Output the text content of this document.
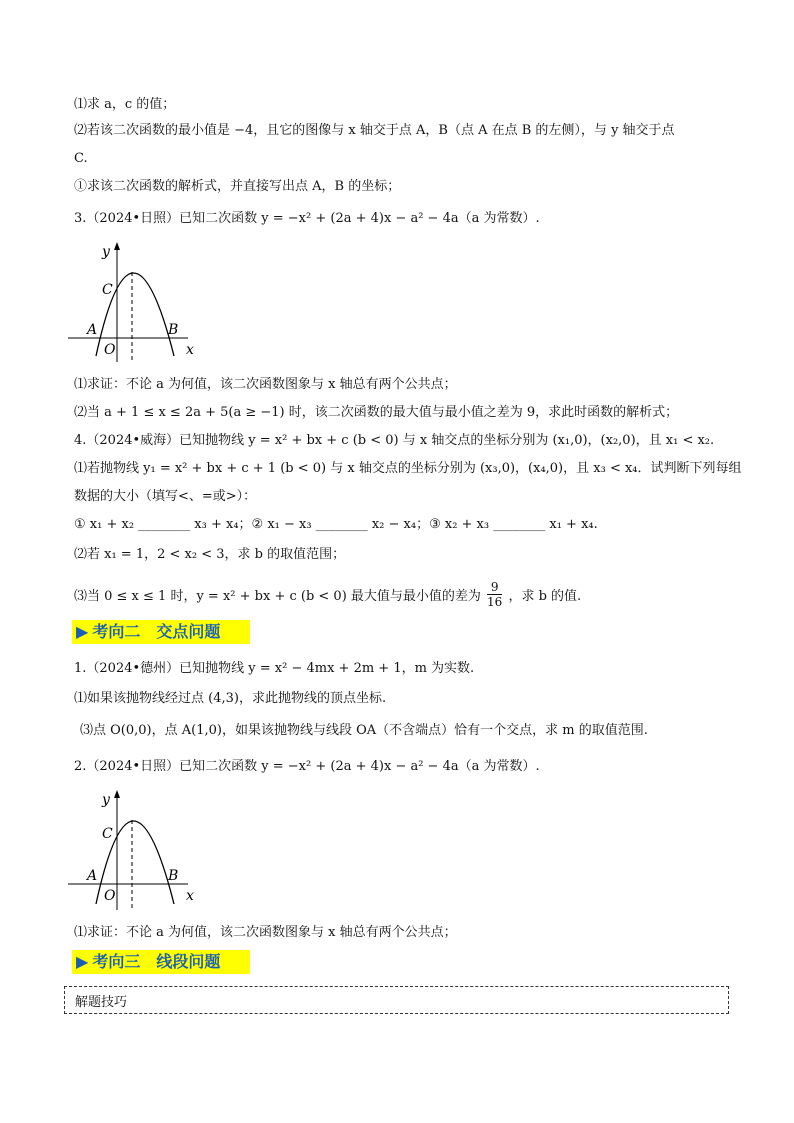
⑴求 a，c 的值；
⑵若该二次函数的最小值是 −4，且它的图像与 x 轴交于点 A，B（点 A 在点 B 的左侧），与 y 轴交于点
C.
①求该二次函数的解析式，并直接写出点 A，B 的坐标；
3.（2024•日照）已知二次函数 y = −x² + (2a + 4)x − a² − 4a（a 为常数）.
y
x
C
A	B
O
⑴求证：不论 a 为何值，该二次函数图象与 x 轴总有两个公共点；
⑵当 a + 1 ≤ x ≤ 2a + 5(a ≥ −1) 时，该二次函数的最大值与最小值之差为 9，求此时函数的解析式；
4.（2024•威海）已知抛物线 y = x² + bx + c (b < 0) 与 x 轴交点的坐标分别为 (x₁,0)，(x₂,0)，且 x₁ < x₂.
⑴若抛物线 y₁ = x² + bx + c + 1 (b < 0) 与 x 轴交点的坐标分别为 (x₃,0)，(x₄,0)，且 x₃ < x₄．试判断下列每组
数据的大小（填写<、=或>）：
① x₁ + x₂ ________ x₃ + x₄；② x₁ − x₃ ________ x₂ − x₄；③ x₂ + x₃ ________ x₁ + x₄.
⑵若 x₁ = 1，2 < x₂ < 3，求 b 的取值范围；
⑶当 0 ≤ x ≤ 1 时，y = x² + bx + c (b < 0) 最大值与最小值的差为 $\frac{9}{16}$ ，求 b 的值.
▶ 考向二　交点问题
1.（2024•德州）已知抛物线 y = x² − 4mx + 2m + 1，m 为实数.
⑴如果该抛物线经过点 (4,3)，求此抛物线的顶点坐标.
⑶点 O(0,0)，点 A(1,0)，如果该抛物线与线段 OA（不含端点）恰有一个交点，求 m 的取值范围.
2.（2024•日照）已知二次函数 y = −x² + (2a + 4)x − a² − 4a（a 为常数）.
y
x
C
A	B
O
⑴求证：不论 a 为何值，该二次函数图象与 x 轴总有两个公共点；
▶ 考向三　线段问题
解题技巧
